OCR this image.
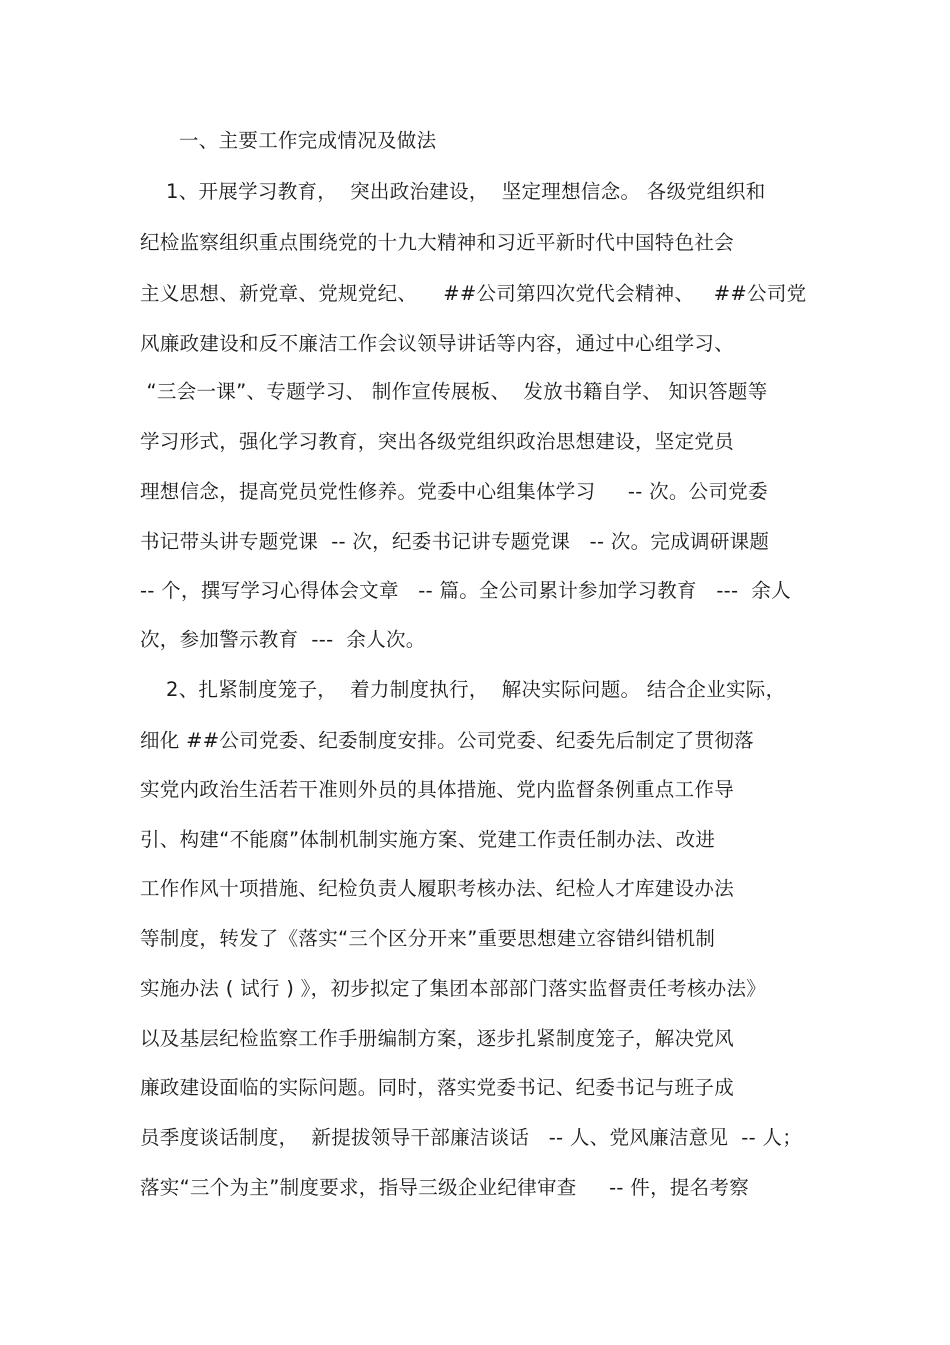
一、主要工作完成情况及做法
1、开展学习教育，  突出政治建设，  坚定理想信念。 各级党组织和
纪检监察组织重点围绕党的十九大精神和习近平新时代中国特色社会
主义思想、新党章、党规党纪、    ##公司第四次党代会精神、   ##公司党
风廉政建设和反不廉洁工作会议领导讲话等内容，通过中心组学习、
“三会一课”、专题学习、 制作宣传展板、  发放书籍自学、 知识答题等
学习形式，强化学习教育，突出各级党组织政治思想建设，坚定党员
理想信念，提高党员党性修养。党委中心组集体学习     -- 次。公司党委
书记带头讲专题党课  -- 次，纪委书记讲专题党课   -- 次。完成调研课题
-- 个，撰写学习心得体会文章   -- 篇。全公司累计参加学习教育   ---  余人
次，参加警示教育  ---  余人次。
2、扎紧制度笼子，  着力制度执行，  解决实际问题。 结合企业实际，
细化 ##公司党委、纪委制度安排。公司党委、纪委先后制定了贯彻落
实党内政治生活若干准则外员的具体措施、党内监督条例重点工作导
引、构建“不能腐”体制机制实施方案、党建工作责任制办法、改进
工作作风十项措施、纪检负责人履职考核办法、纪检人才库建设办法
等制度，转发了《落实“三个区分开来”重要思想建立容错纠错机制
实施办法 ( 试行 ) 》，初步拟定了集团本部部门落实监督责任考核办法》
以及基层纪检监察工作手册编制方案，逐步扎紧制度笼子，解决党风
廉政建设面临的实际问题。同时，落实党委书记、纪委书记与班子成
员季度谈话制度，  新提拔领导干部廉洁谈话   -- 人、党风廉洁意见  -- 人；
落实“三个为主”制度要求，指导三级企业纪律审查     -- 件，提名考察
